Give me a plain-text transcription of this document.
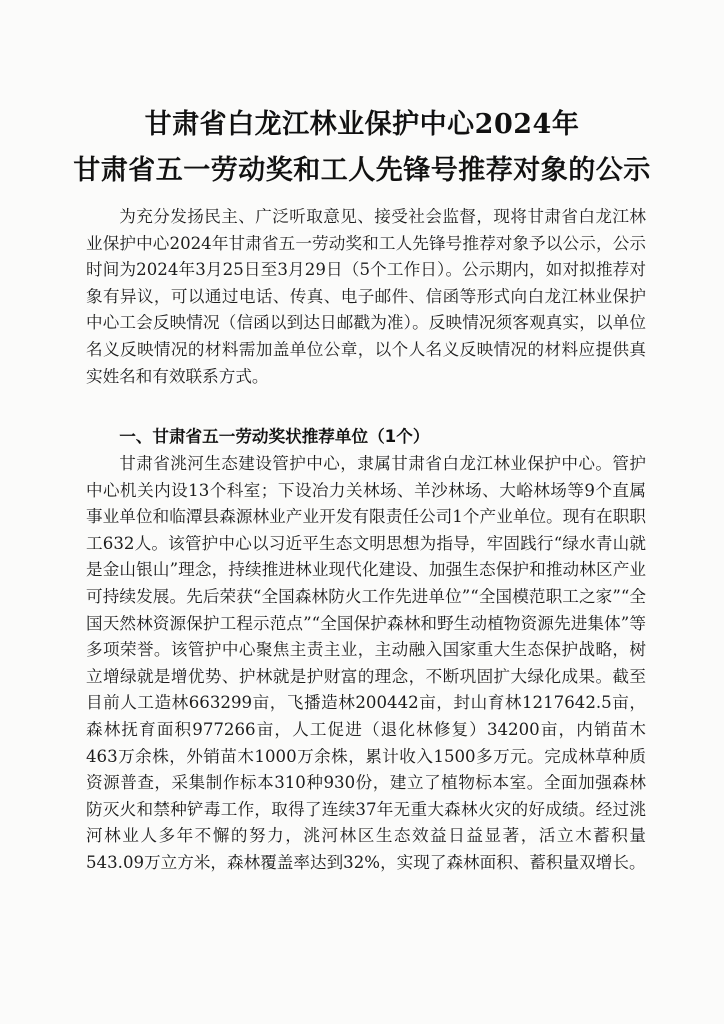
甘肃省白龙江林业保护中心2024年
甘肃省五一劳动奖和工人先锋号推荐对象的公示

为充分发扬民主、广泛听取意见、接受社会监督，现将甘肃省白龙江林业保护中心2024年甘肃省五一劳动奖和工人先锋号推荐对象予以公示，公示时间为2024年3月25日至3月29日（5个工作日）。公示期内，如对拟推荐对象有异议，可以通过电话、传真、电子邮件、信函等形式向白龙江林业保护中心工会反映情况（信函以到达日邮戳为准）。反映情况须客观真实，以单位名义反映情况的材料需加盖单位公章，以个人名义反映情况的材料应提供真实姓名和有效联系方式。

一、甘肃省五一劳动奖状推荐单位（1个）

甘肃省洮河生态建设管护中心，隶属甘肃省白龙江林业保护中心。管护中心机关内设13个科室；下设冶力关林场、羊沙林场、大峪林场等9个直属事业单位和临潭县森源林业产业开发有限责任公司1个产业单位。现有在职职工632人。该管护中心以习近平生态文明思想为指导，牢固践行“绿水青山就是金山银山”理念，持续推进林业现代化建设、加强生态保护和推动林区产业可持续发展。先后荣获“全国森林防火工作先进单位”“全国模范职工之家”“全国天然林资源保护工程示范点”“全国保护森林和野生动植物资源先进集体”等多项荣誉。该管护中心聚焦主责主业，主动融入国家重大生态保护战略，树立增绿就是增优势、护林就是护财富的理念，不断巩固扩大绿化成果。截至目前人工造林663299亩，飞播造林200442亩，封山育林1217642.5亩，森林抚育面积977266亩，人工促进（退化林修复）34200亩，内销苗木463万余株，外销苗木1000万余株，累计收入1500多万元。完成林草种质资源普查，采集制作标本310种930份，建立了植物标本室。全面加强森林防灭火和禁种铲毒工作，取得了连续37年无重大森林火灾的好成绩。经过洮河林业人多年不懈的努力，洮河林区生态效益日益显著，活立木蓄积量543.09万立方米，森林覆盖率达到32%，实现了森林面积、蓄积量双增长。
